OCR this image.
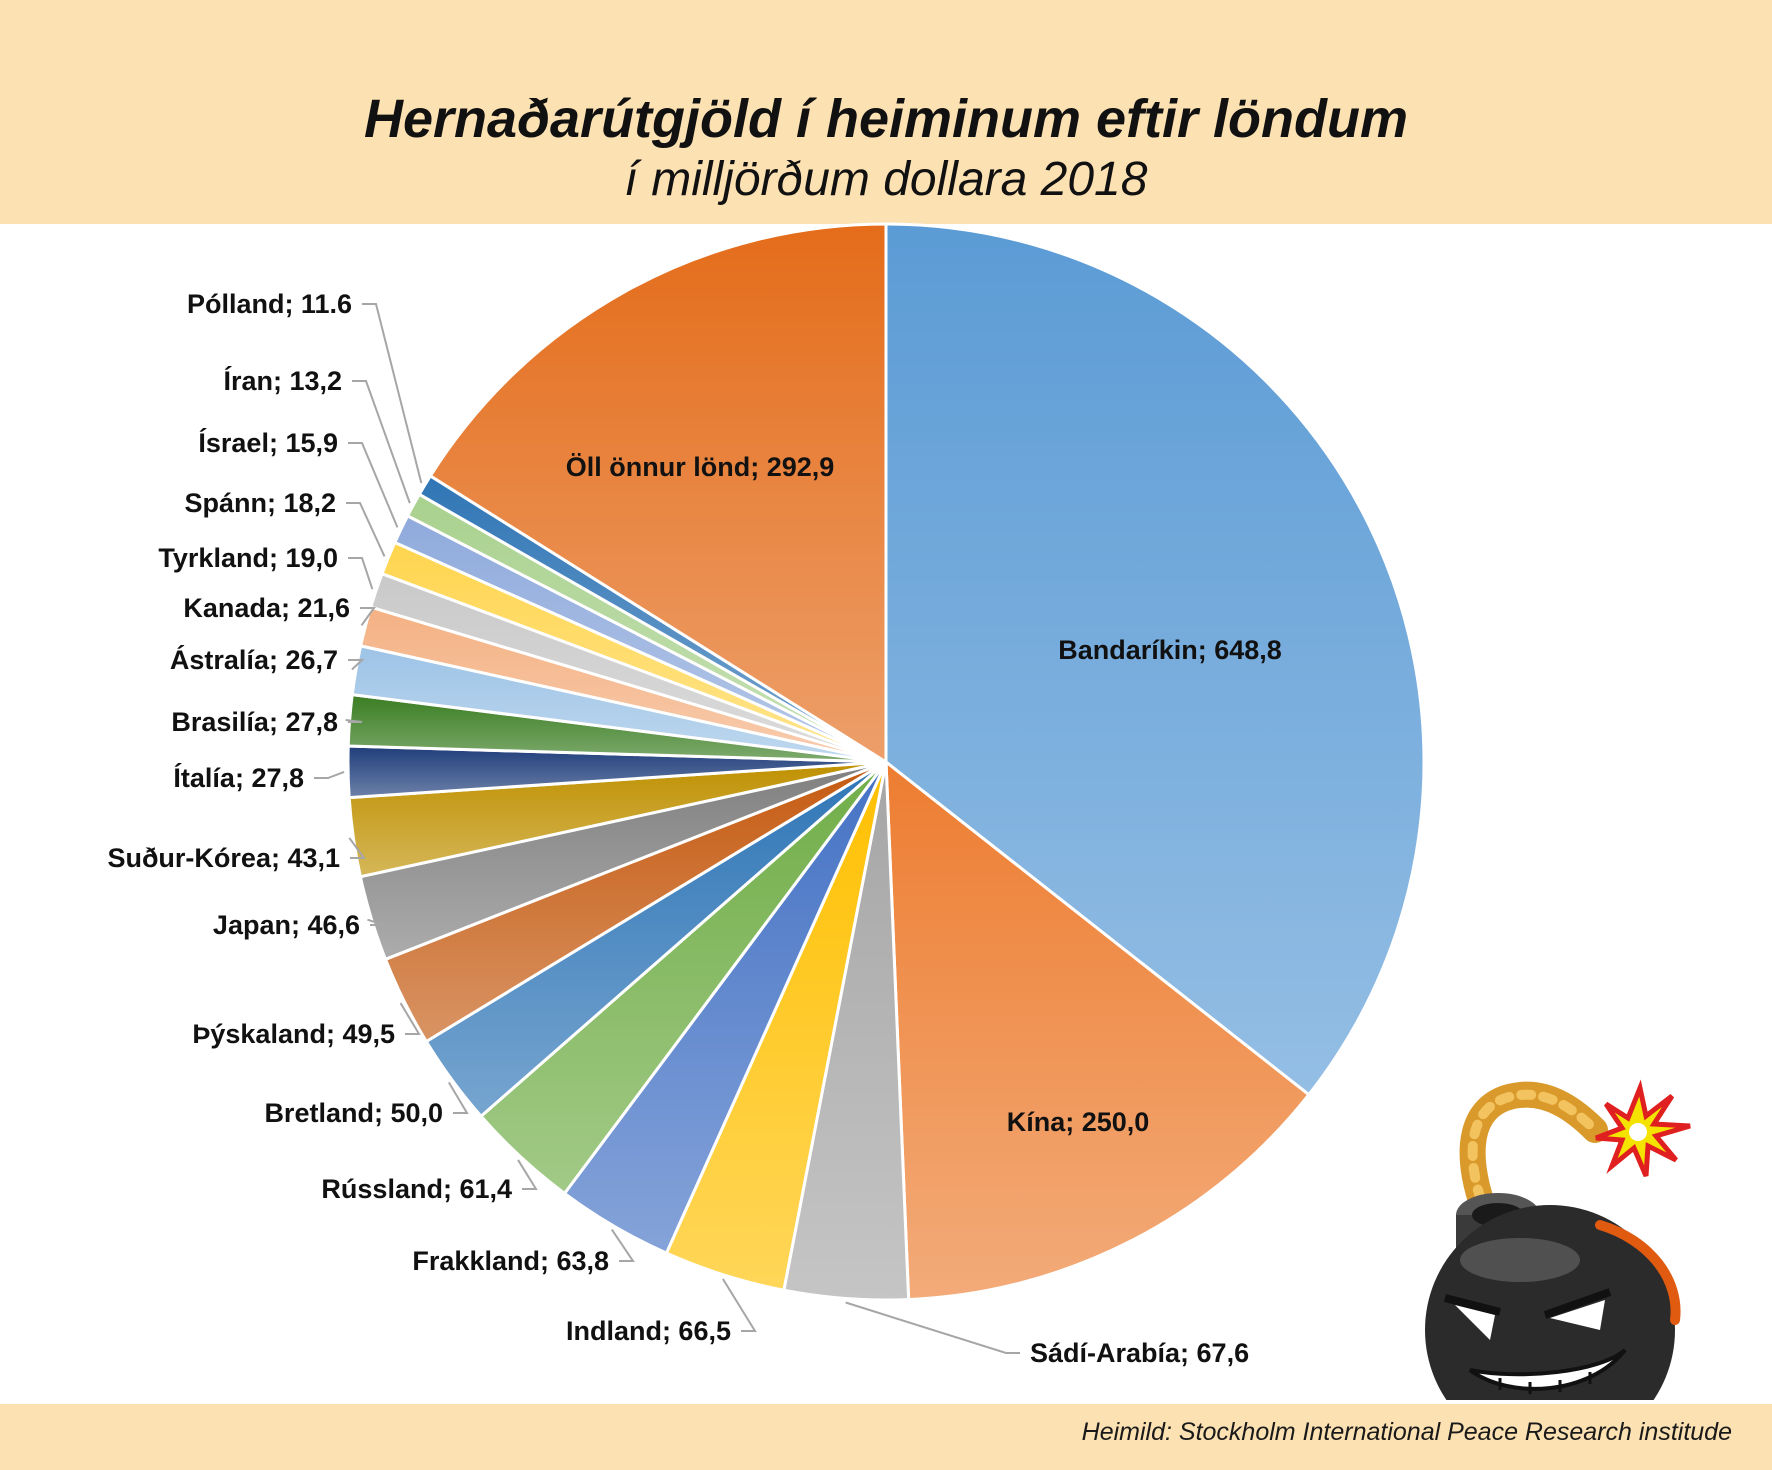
Hernaðarútgjöld í heiminum eftir löndum
í milljörðum dollara 2018
Bandaríkin; 648,8
Kína; 250,0
Sádí-Arabía; 67,6
Indland; 66,5
Frakkland; 63,8
Rússland; 61,4
Bretland; 50,0
Þýskaland; 49,5
Japan; 46,6
Suður-Kórea; 43,1
Ítalía; 27,8
Brasilía; 27,8
Ástralía; 26,7
Kanada; 21,6
Tyrkland; 19,0
Spánn; 18,2
Ísrael; 15,9
Íran; 13,2
Pólland; 11.6
Öll önnur lönd; 292,9
Heimild: Stockholm International Peace Research institude
